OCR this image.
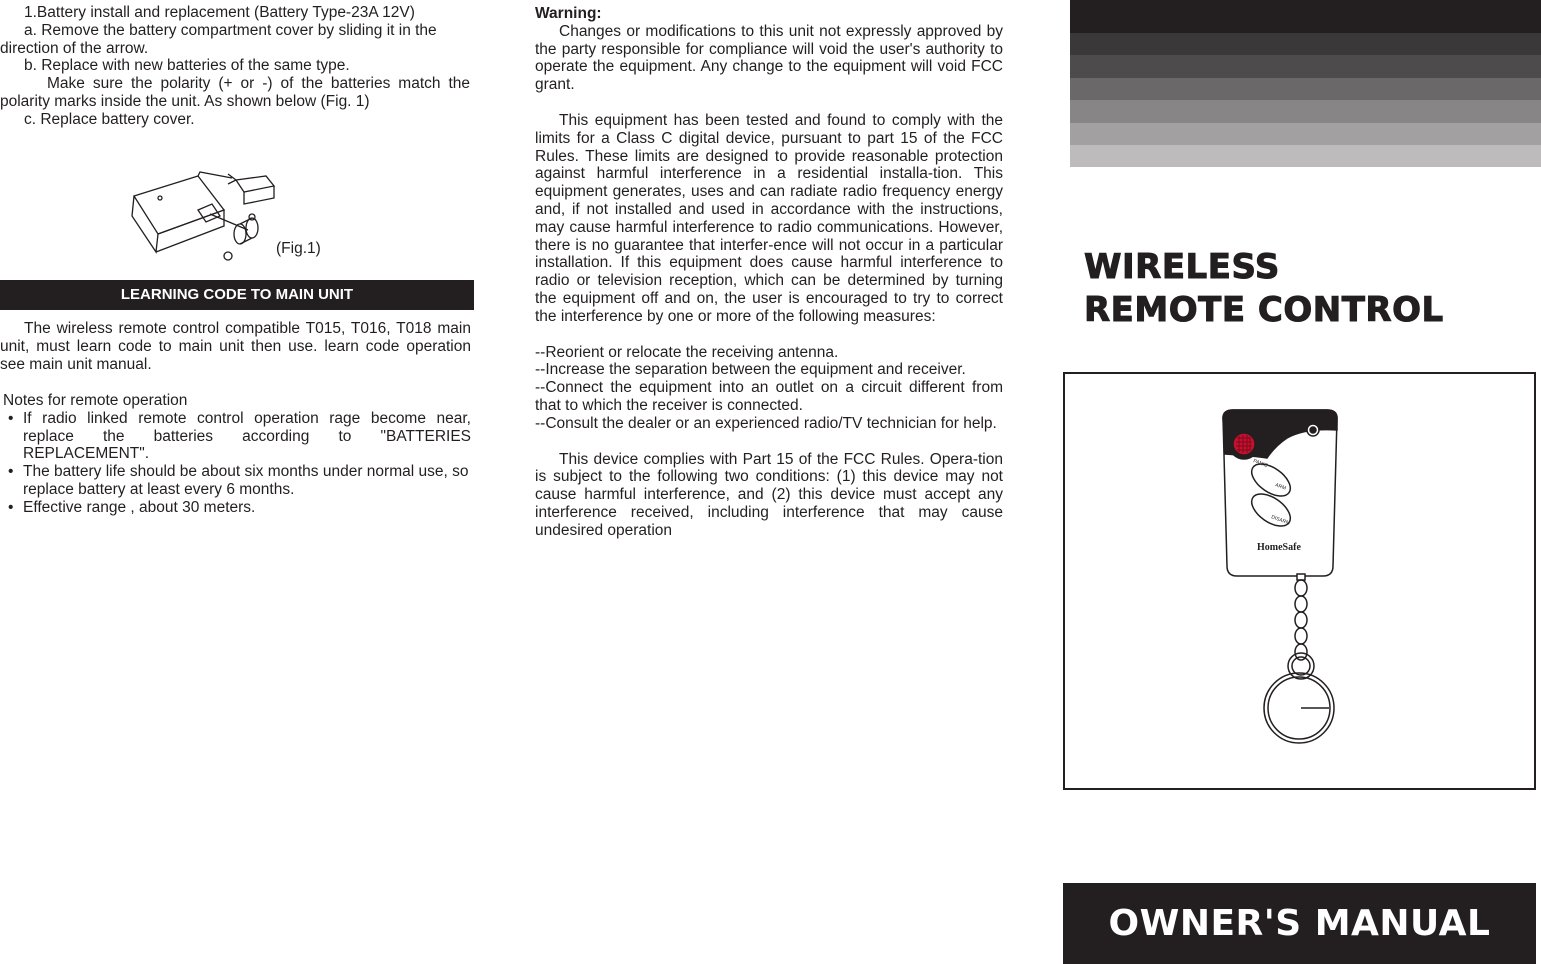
1.Battery install and replacement (Battery Type-23A 12V)

a. Remove the battery compartment cover by sliding it in the direction of the arrow.

b. Replace with new batteries of the same type.

Make sure the polarity (+ or -) of the batteries match the polarity marks inside the unit. As shown below (Fig. 1)

c. Replace battery cover.

(Fig.1)
LEARNING CODE TO MAIN UNIT

The wireless remote control compatible T015, T016, T018 main unit, must learn code to main unit then use. learn code operation see main unit manual.

Notes for remote operation

• If radio linked remote control operation rage become near, replace the batteries according to "BATTERIES REPLACEMENT".
• The battery life should be about six months under normal use, so replace battery at least every 6 months.
• Effective range , about 30 meters.

Warning:

Changes or modifications to this unit not expressly approved by the party responsible for compliance will void the user's authority to operate the equipment. Any change to the equipment will void FCC grant.

This equipment has been tested and found to comply with the limits for a Class C digital device, pursuant to part 15 of the FCC Rules. These limits are designed to provide reasonable protection against harmful interference in a residential installa-tion. This equipment generates, uses and can radiate radio frequency energy and, if not installed and used in accordance with the instructions, may cause harmful interference to radio communications. However, there is no guarantee that interfer-ence will not occur in a particular installation. If this equipment does cause harmful interference to radio or television reception, which can be determined by turning the equipment off and on, the user is encouraged to try to correct the interference by one or more of the following measures:

--Reorient or relocate the receiving antenna.

--Increase the separation between the equipment and receiver.

--Connect the equipment into an outlet on a circuit different from that to which the receiver is connected.

--Consult the dealer or an experienced radio/TV technician for help.

This device complies with Part 15 of the FCC Rules. Opera-tion is subject to the following two conditions: (1) this device may not cause harmful interference, and (2) this device must accept any interference received, including interference that may cause undesired operation

WIRELESS
REMOTE CONTROL
PANIC
ARM
DISARM
HomeSafe
OWNER'S MANUAL
